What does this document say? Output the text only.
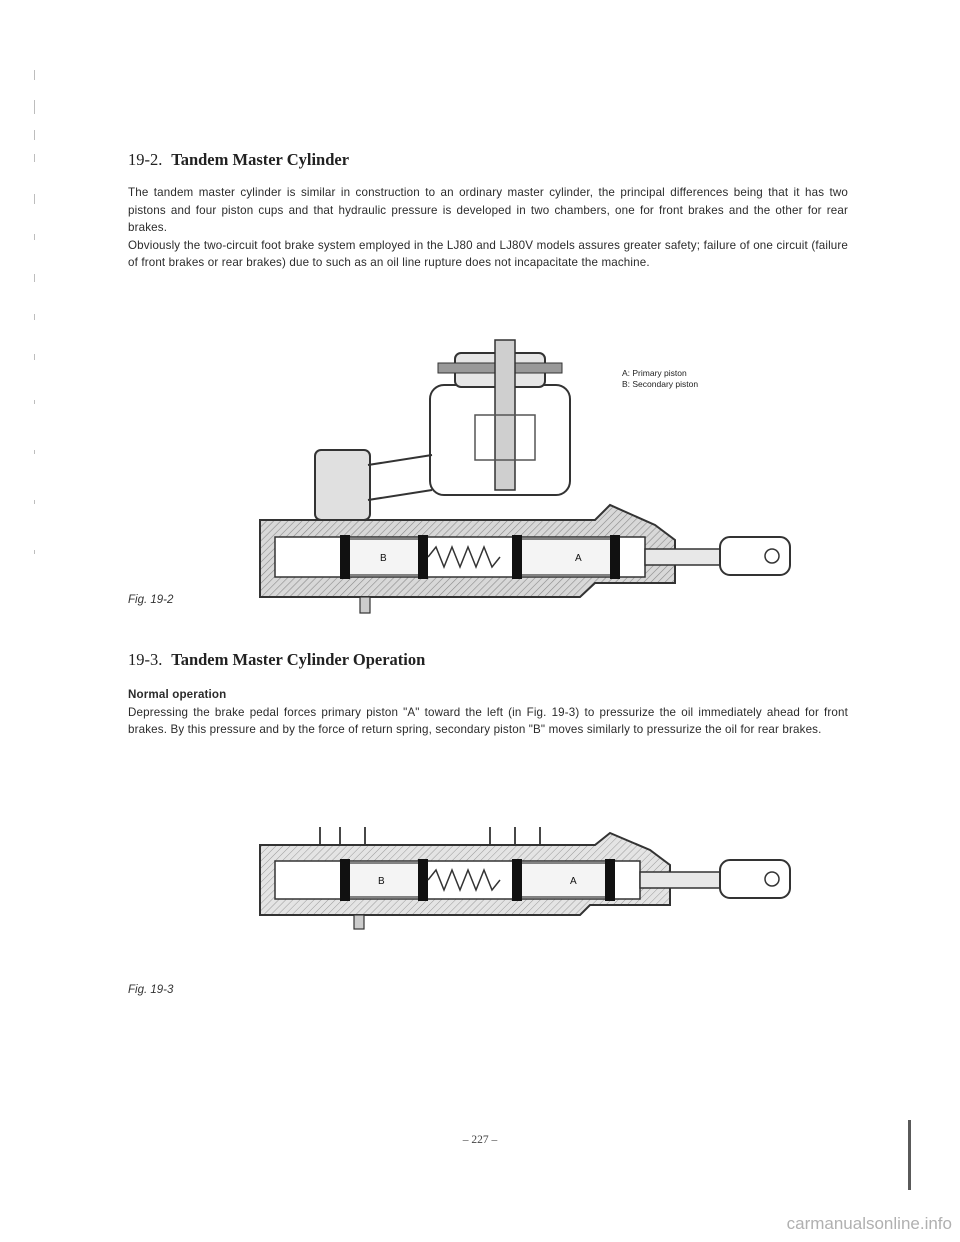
19-2. Tandem Master Cylinder

The tandem master cylinder is similar in construction to an ordinary master cylinder, the principal differences being that it has two pistons and four piston cups and that hydraulic pressure is developed in two chambers, one for front brakes and the other for rear brakes.

Obviously the two-circuit foot brake system employed in the LJ80 and LJ80V models assures greater safety; failure of one circuit (failure of front brakes or rear brakes) due to such as an oil line rupture does not incapacitate the machine.

B	A
A: Primary piston
B: Secondary piston
Fig. 19-2
19-3. Tandem Master Cylinder Operation

Normal operation

Depressing the brake pedal forces primary piston "A" toward the left (in Fig. 19-3) to pressurize the oil immediately ahead for front brakes. By this pressure and by the force of return spring, secondary piston "B" moves similarly to pressurize the oil for rear brakes.

B	A
Fig. 19-3
– 227 –
carmanualsonline.info
